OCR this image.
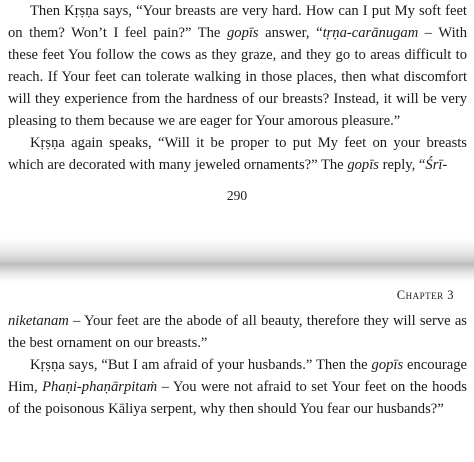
Then Kṛṣṇa says, “Your breasts are very hard. How can I put My soft feet on them? Won’t I feel pain?” The gopīs answer, “tṛṇa-carānugam – With these feet You follow the cows as they graze, and they go to areas difficult to reach. If Your feet can tolerate walking in those places, then what discomfort will they experience from the hardness of our breasts? Instead, it will be very pleasing to them because we are eager for Your amorous pleasure.”

Kṛṣṇa again speaks, “Will it be proper to put My feet on your breasts which are decorated with many jeweled ornaments?” The gopīs reply, “Śrī-

290
Chapter 3

niketanam – Your feet are the abode of all beauty, therefore they will serve as the best ornament on our breasts.”

Kṛṣṇa says, “But I am afraid of your husbands.” Then the gopīs encourage Him, Phaṇi-phaṇārpitaṁ – You were not afraid to set Your feet on the hoods of the poisonous Kāliya serpent, why then should You fear our husbands?”
